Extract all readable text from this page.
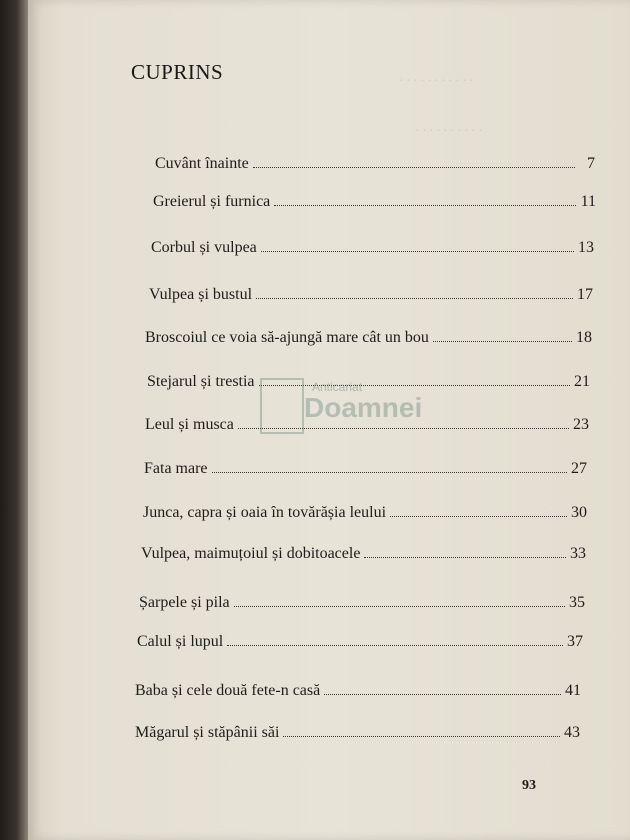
. . . . . . . . . . .
. . . . . . . . . .
CUPRINS
Cuvânt înainte	7
Greierul și furnica	11
Corbul și vulpea	13
Vulpea și bustul	17
Broscoiul ce voia să-ajungă mare cât un bou	18
Stejarul și trestia	21
Leul și musca	23
Fata mare	27
Junca, capra și oaia în tovărășia leului	30
Vulpea, maimuțoiul și dobitoacele	33
Șarpele și pila	35
Calul și lupul	37
Baba și cele două fete-n casă	41
Măgarul și stăpânii săi	43
Anticariat
Doamnei
93
